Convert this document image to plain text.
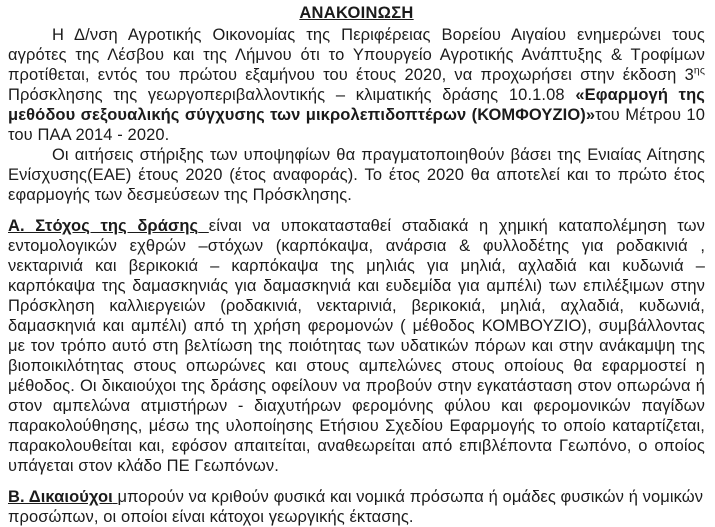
ΑΝΑΚΟΙΝΩΣΗ

Η Δ/νση Αγροτικής Οικονομίας της Περιφέρειας Βορείου Αιγαίου ενημερώνει τους αγρότες της Λέσβου και της Λήμνου ότι το Υπουργείο Αγροτικής Ανάπτυξης & Τροφίμων προτίθεται, εντός του πρώτου εξαμήνου του έτους 2020, να προχωρήσει στην έκδοση $3^{\eta\varsigma}$ Πρόσκλησης της γεωργοπεριβαλλοντικής – κλιματικής δράσης 10.1.08 «Εφαρμογή της μεθόδου σεξουαλικής σύγχυσης των μικρολεπιδοπτέρων (ΚΟΜΦΟΥΖΙΟ)»του Μέτρου 10 του ΠΑΑ 2014 - 2020.

Οι αιτήσεις στήριξης των υποψηφίων θα πραγματοποιηθούν βάσει της Ενιαίας Αίτησης Ενίσχυσης(ΕΑΕ) έτους 2020 (έτος αναφοράς). Το έτος 2020 θα αποτελεί και το πρώτο έτος εφαρμογής των δεσμεύσεων της Πρόσκλησης.

Α. Στόχος της δράσης είναι να υποκατασταθεί σταδιακά η χημική καταπολέμηση των εντομολογικών εχθρών –στόχων (καρπόκαψα, ανάρσια & φυλλοδέτης για ροδακινιά , νεκταρινιά και βερικοκιά – καρπόκαψα της μηλιάς για μηλιά, αχλαδιά και κυδωνιά – καρπόκαψα της δαμασκηνιάς για δαμασκηνιά και ευδεμίδα για αμπέλι) των επιλέξιμων στην Πρόσκληση καλλιεργειών (ροδακινιά, νεκταρινιά, βερικοκιά, μηλιά, αχλαδιά, κυδωνιά, δαμασκηνιά και αμπέλι) από τη χρήση φερομονών ( μέθοδος ΚΟΜΒΟΥΖΙΟ), συμβάλλοντας με τον τρόπο αυτό στη βελτίωση της ποιότητας των υδατικών πόρων και στην ανάκαμψη της βιοποικιλότητας στους οπωρώνες και στους αμπελώνες στους οποίους θα εφαρμοστεί η μέθοδος. Οι δικαιούχοι της δράσης οφείλουν να προβούν στην εγκατάσταση στον οπωρώνα ή στον αμπελώνα ατμιστήρων - διαχυτήρων φερομόνης φύλου και φερομονικών παγίδων παρακολούθησης, μέσω της υλοποίησης Ετήσιου Σχεδίου Εφαρμογής το οποίο καταρτίζεται, παρακολουθείται και, εφόσον απαιτείται, αναθεωρείται από επιβλέποντα Γεωπόνο, ο οποίος υπάγεται στον κλάδο ΠΕ Γεωπόνων.

Β. Δικαιούχοι μπορούν να κριθούν φυσικά και νομικά πρόσωπα ή ομάδες φυσικών ή νομικών προσώπων, οι οποίοι είναι κάτοχοι γεωργικής έκτασης.
